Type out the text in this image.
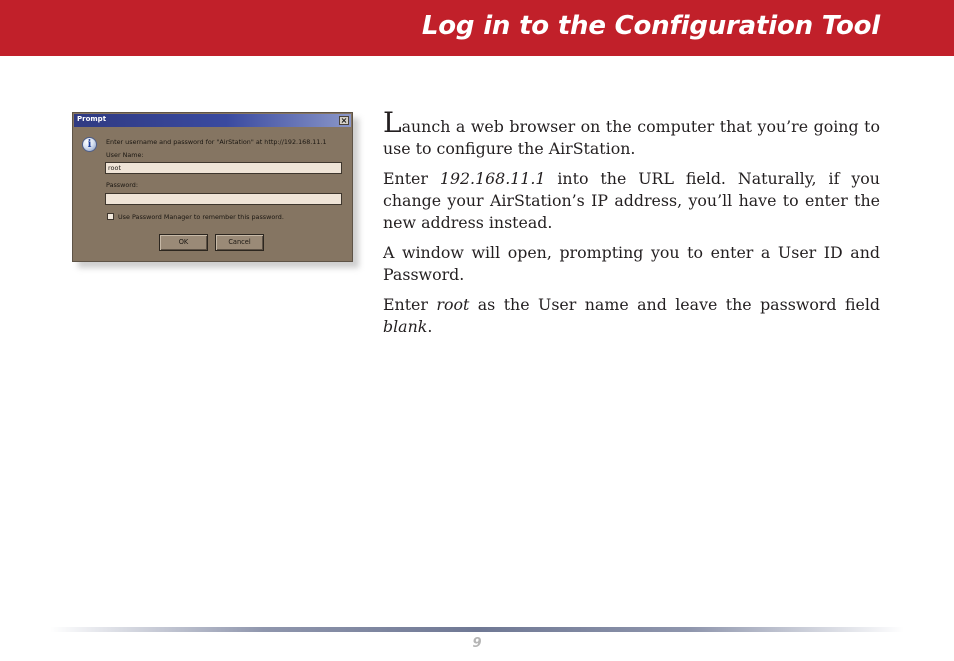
Log in to the Configuration Tool
Prompt	×
i	Enter username and password for "AirStation" at http://192.168.11.1
User Name:
root
Password:
Use Password Manager to remember this password.
OK	Cancel

Launch a web browser on the computer that you’re going to use to configure the AirStation.

Enter 192.168.11.1 into the URL field. Naturally, if you change your AirStation’s IP address, you’ll have to enter the new address instead.

A window will open, prompting you to enter a User ID and Password.

Enter root as the User name and leave the password field blank.

9
